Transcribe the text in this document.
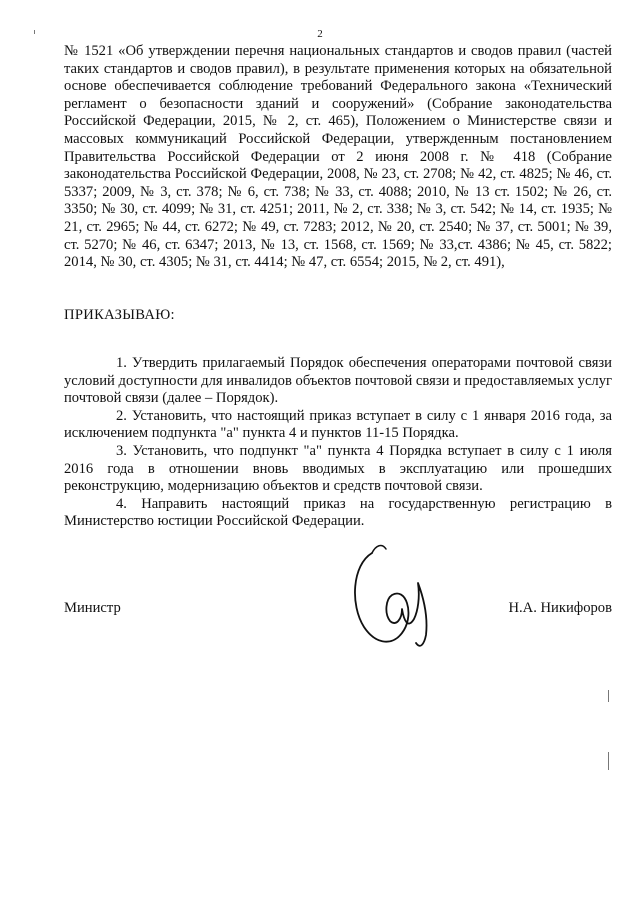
2
№ 1521 «Об утверждении перечня национальных стандартов и сводов правил (частей таких стандартов и сводов правил), в результате применения которых на обязательной основе обеспечивается соблюдение требований Федерального закона «Технический регламент о безопасности зданий и сооружений» (Собрание законодательства Российской Федерации, 2015, № 2, ст. 465), Положением о Министерстве связи и массовых коммуникаций Российской Федерации, утвержденным постановлением Правительства Российской Федерации от 2 июня 2008 г. № 418 (Собрание законодательства Российской Федерации, 2008, № 23, ст. 2708; № 42, ст. 4825; № 46, ст. 5337; 2009, № 3, ст. 378; № 6, ст. 738; № 33, ст. 4088; 2010, № 13 ст. 1502; № 26, ст. 3350; № 30, ст. 4099; № 31, ст. 4251; 2011, № 2, ст. 338; № 3, ст. 542; № 14, ст. 1935; № 21, ст. 2965; № 44, ст. 6272; № 49, ст. 7283; 2012, № 20, ст. 2540; № 37, ст. 5001; № 39, ст. 5270; № 46, ст. 6347; 2013, № 13, ст. 1568, ст. 1569; № 33,ст. 4386; № 45, ст. 5822; 2014, № 30, ст. 4305; № 31, ст. 4414; № 47, ст. 6554; 2015, № 2, ст. 491),
ПРИКАЗЫВАЮ:

1. Утвердить прилагаемый Порядок обеспечения операторами почтовой связи условий доступности для инвалидов объектов почтовой связи и предоставляемых услуг почтовой связи (далее – Порядок).

2. Установить, что настоящий приказ вступает в силу с 1 января 2016 года, за исключением подпункта "а" пункта 4 и пунктов 11-15 Порядка.

3. Установить, что подпункт "а" пункта 4 Порядка вступает в силу с 1 июля 2016 года в отношении вновь вводимых в эксплуатацию или прошедших реконструкцию, модернизацию объектов и средств почтовой связи.

4. Направить настоящий приказ на государственную регистрацию в Министерство юстиции Российской Федерации.

Министр	Н.А. Никифоров
